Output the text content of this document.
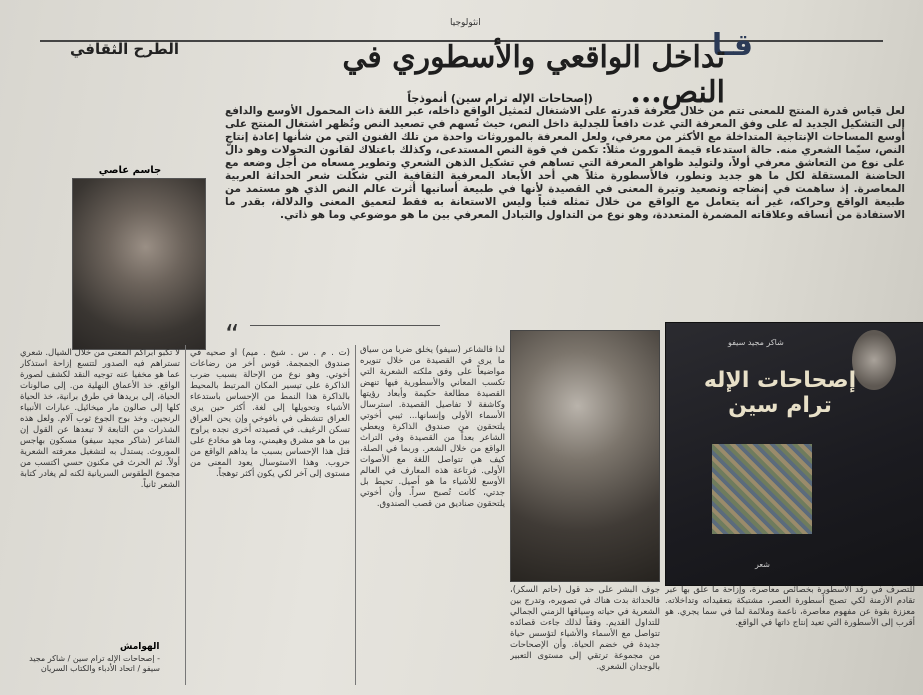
انثولوجيا
الطرح الثقافي	قـا
تداخل الواقعي والأسطوري في النص...
(إصحاحات الإله ترام سين) أنموذجاً
لعل قياس قدرة المنتج للمعنى تتم من خلال معرفة قدرته على الاشتغال لتمثيل الواقع داخله، عبر اللغة ذات المحمول الأوسع والدافع إلى التشكيل الجديد له على وفق المعرفة التي غدت دافعاً للجدلية داخل النص، حيث تُسهم في تصعيد النص وتُظهر اشتغال المنتج على أوسع المساحات الإنتاجية المتداخلة مع الأكثر من معرفي، ولعل المعرفة بالموروثات واحدة من تلك الفنون التي من شأنها إعادة إنتاج النص، سيّما الشعري منه. حالة استدعاء قيمة الموروث مثلاً: تكمن في قوة النص المستدعى، وكذلك باعتلاك لقانون التحولات وهو دالّ على نوع من التعاشق معرفي أولاً، ولتوليد ظواهر المعرفة التي تساهم في تشكيل الذهن الشعري وتطوير مسعاه من أجل وضعه مع الحاضنة المستقلة لكل ما هو جديد وتطور، فالأسطورة مثلاً هي أحد الأبعاد المعرفية الثقافية التي شكّلت شعر الحداثة العربية المعاصرة. إذ ساهمت في إنضاجه وتصعيد وتيرة المعنى في القصيدة لأنها في طبيعة أسانيها أثرت عالم النص الذي هو مستمد من طبيعة الواقع وحراكه، غير أنه يتعامل مع الواقع من خلال تمثله فنياً وليس الاستعانة به فقط لتعميق المعنى والدلالة، بقدر ما الاستفادة من أنساقه وعلاقاته المضمرة المتعددة، وهو نوع من التداول والتبادل المعرفي بين ما هو موضوعي وما هو ذاتي.
جاسم عاصي
“
لا تكبو أبراكم المعنى من خلال الشيال. شعري تستراهم فيه الصدور لتتسع إزاحة استذكار عما هو مخفيا عنه توجيه النقد لكشف لصورة الواقع. خذ الأعماق النهلية من. إلى صالونات الحياة، إلى بريدها في طرق برانية، خذ الحياة كلها إلى صالون مار ميخائيل. عبارات الأنبياء الرنجين. وخذ بوح الجوع ثوب آلام. ولعل هذه الشذرات من التابعة لا تبعدها عن القول إن الشاعر (شاكر مجيد سيفو) مسكون بهاجس الموروث. يستدل به لتشغيل معرفته الشعرية أولاً. ثم الحرث في مكنون حسي اكتسب من مجموع الطقوس السريانية لكنه لم يغادر كتابة الشعر ثانياً.
(ت . م . س . شيخ . ميم) أو صحيه في صندوق الجمجمة. قوس أخر من رضاعات أخوتي. وهو نوع من الإحالة بسبب ضرب الذاكرة على تيسير المكان المرتبط بالمحيط بالذاكرة هذا النمط من الإحساس باستدعاء الأشياء وتحويلها إلى لغة. أكثر حين يرى العراق تتشظى في بافوخي وإن يحن العراق تسكن الرغيف. في قصيدته أخرى نجده يراوح بين ما هو مشرق وهيمني، وما هو مخادع على فتل هذا الإحساس بسبب ما يداهم الواقع من حروب. وهذا الاستوسال يعود المعنى من مستوى إلى آخر لكي يكون أكثر توهجاً.
لذا فالشاعر (سيفو) يخلق ضرباً من سياق ما يرى في القصيدة من خلال تنويره مواضيعاً على وفق ملكته الشعرية التي تكسب المعاني والأسطورية فيها تنهض القصيدة مطالعة حكيمة وأبعاد رؤيتها وكاشفة لا تفاصيل القصيدة. استرسال الأسماء الأولى وإنسانها... ثيبي أخوتي يلتحقون من صندوق الذاكرة ويعطي الشاعر بعداً من القصيدة وفي التراث الواقع من خلال الشعر. وربما في الصلة، كيف هي تتواصل اللغة مع الأصوات الأولى. فرتاعة هذه المعارف في العالم الأوسع للأشياء ما هو أصيل. تحيط بل جدتي، كانت تُصبح سراً. وأن أخوتي يلتحقون صناديق من قصب الصندوق.
شاكر مجيد سيفو
إصحاحات الإله ترام سين
شعر
جوف البشر على حد قول (حاتم السكر)، فالحداثة بدت هناك في تصويره، وتدرج بين الشعرية في حياته وسياقها الزمني الجمالي للتداول القديم. وفقاً لذلك جاءت قصائده تتواصل مع الأسماء والأشياء لتؤسس حياة جديدة في خضم الحياة. وأن الإصحاحات من مجموعة ترتقي إلى مستوى التعبير بالوجدان الشعري.
للتصرف في رقد الأسطورة بخصائص معاصرة، وإزاحة ما علق بها عبر تقادم الأزمنة لكي تصبح أسطورة العصر، مشتبكة بتعقيداته وتداخلاته. معززة بقوة عن مفهوم معاصرة، ناعمة وملائمة لما في سما يجري. هو أقرب إلى الأسطورة التي تعيد إنتاج ذاتها في الواقع.
الهوامش
- إصحاحات الإله ترام سين / شاكر مجيد سيفو / اتحاد الأدباء والكتاب السريان
